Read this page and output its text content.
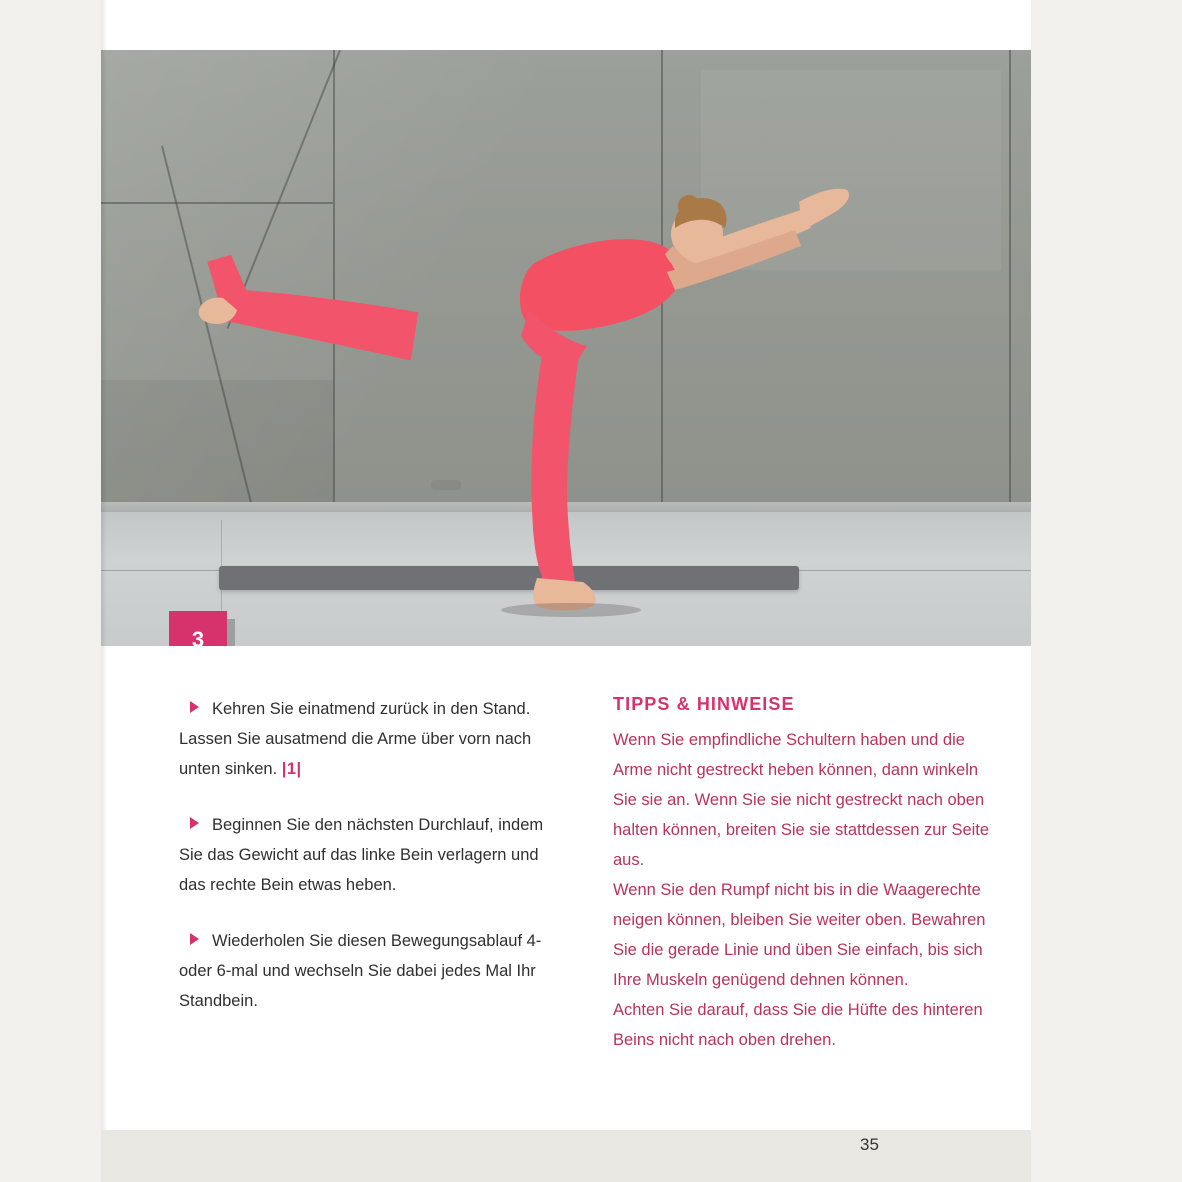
3

Kehren Sie einatmend zurück in den Stand. Lassen Sie ausatmend die Arme über vorn nach unten sinken. |1|

Beginnen Sie den nächsten Durchlauf, indem Sie das Gewicht auf das linke Bein verlagern und das rechte Bein etwas heben.

Wiederholen Sie diesen Bewegungsablauf 4- oder 6-mal und wechseln Sie dabei jedes Mal Ihr Standbein.

TIPPS & HINWEISE

Wenn Sie empfindliche Schultern haben und die Arme nicht gestreckt heben können, dann winkeln Sie sie an. Wenn Sie sie nicht gestreckt nach oben halten können, breiten Sie sie stattdessen zur Seite aus.

Wenn Sie den Rumpf nicht bis in die Waagerechte neigen können, bleiben Sie weiter oben. Bewahren Sie die gerade Linie und üben Sie einfach, bis sich Ihre Muskeln genügend dehnen können.

Achten Sie darauf, dass Sie die Hüfte des hinteren Beins nicht nach oben drehen.

35
